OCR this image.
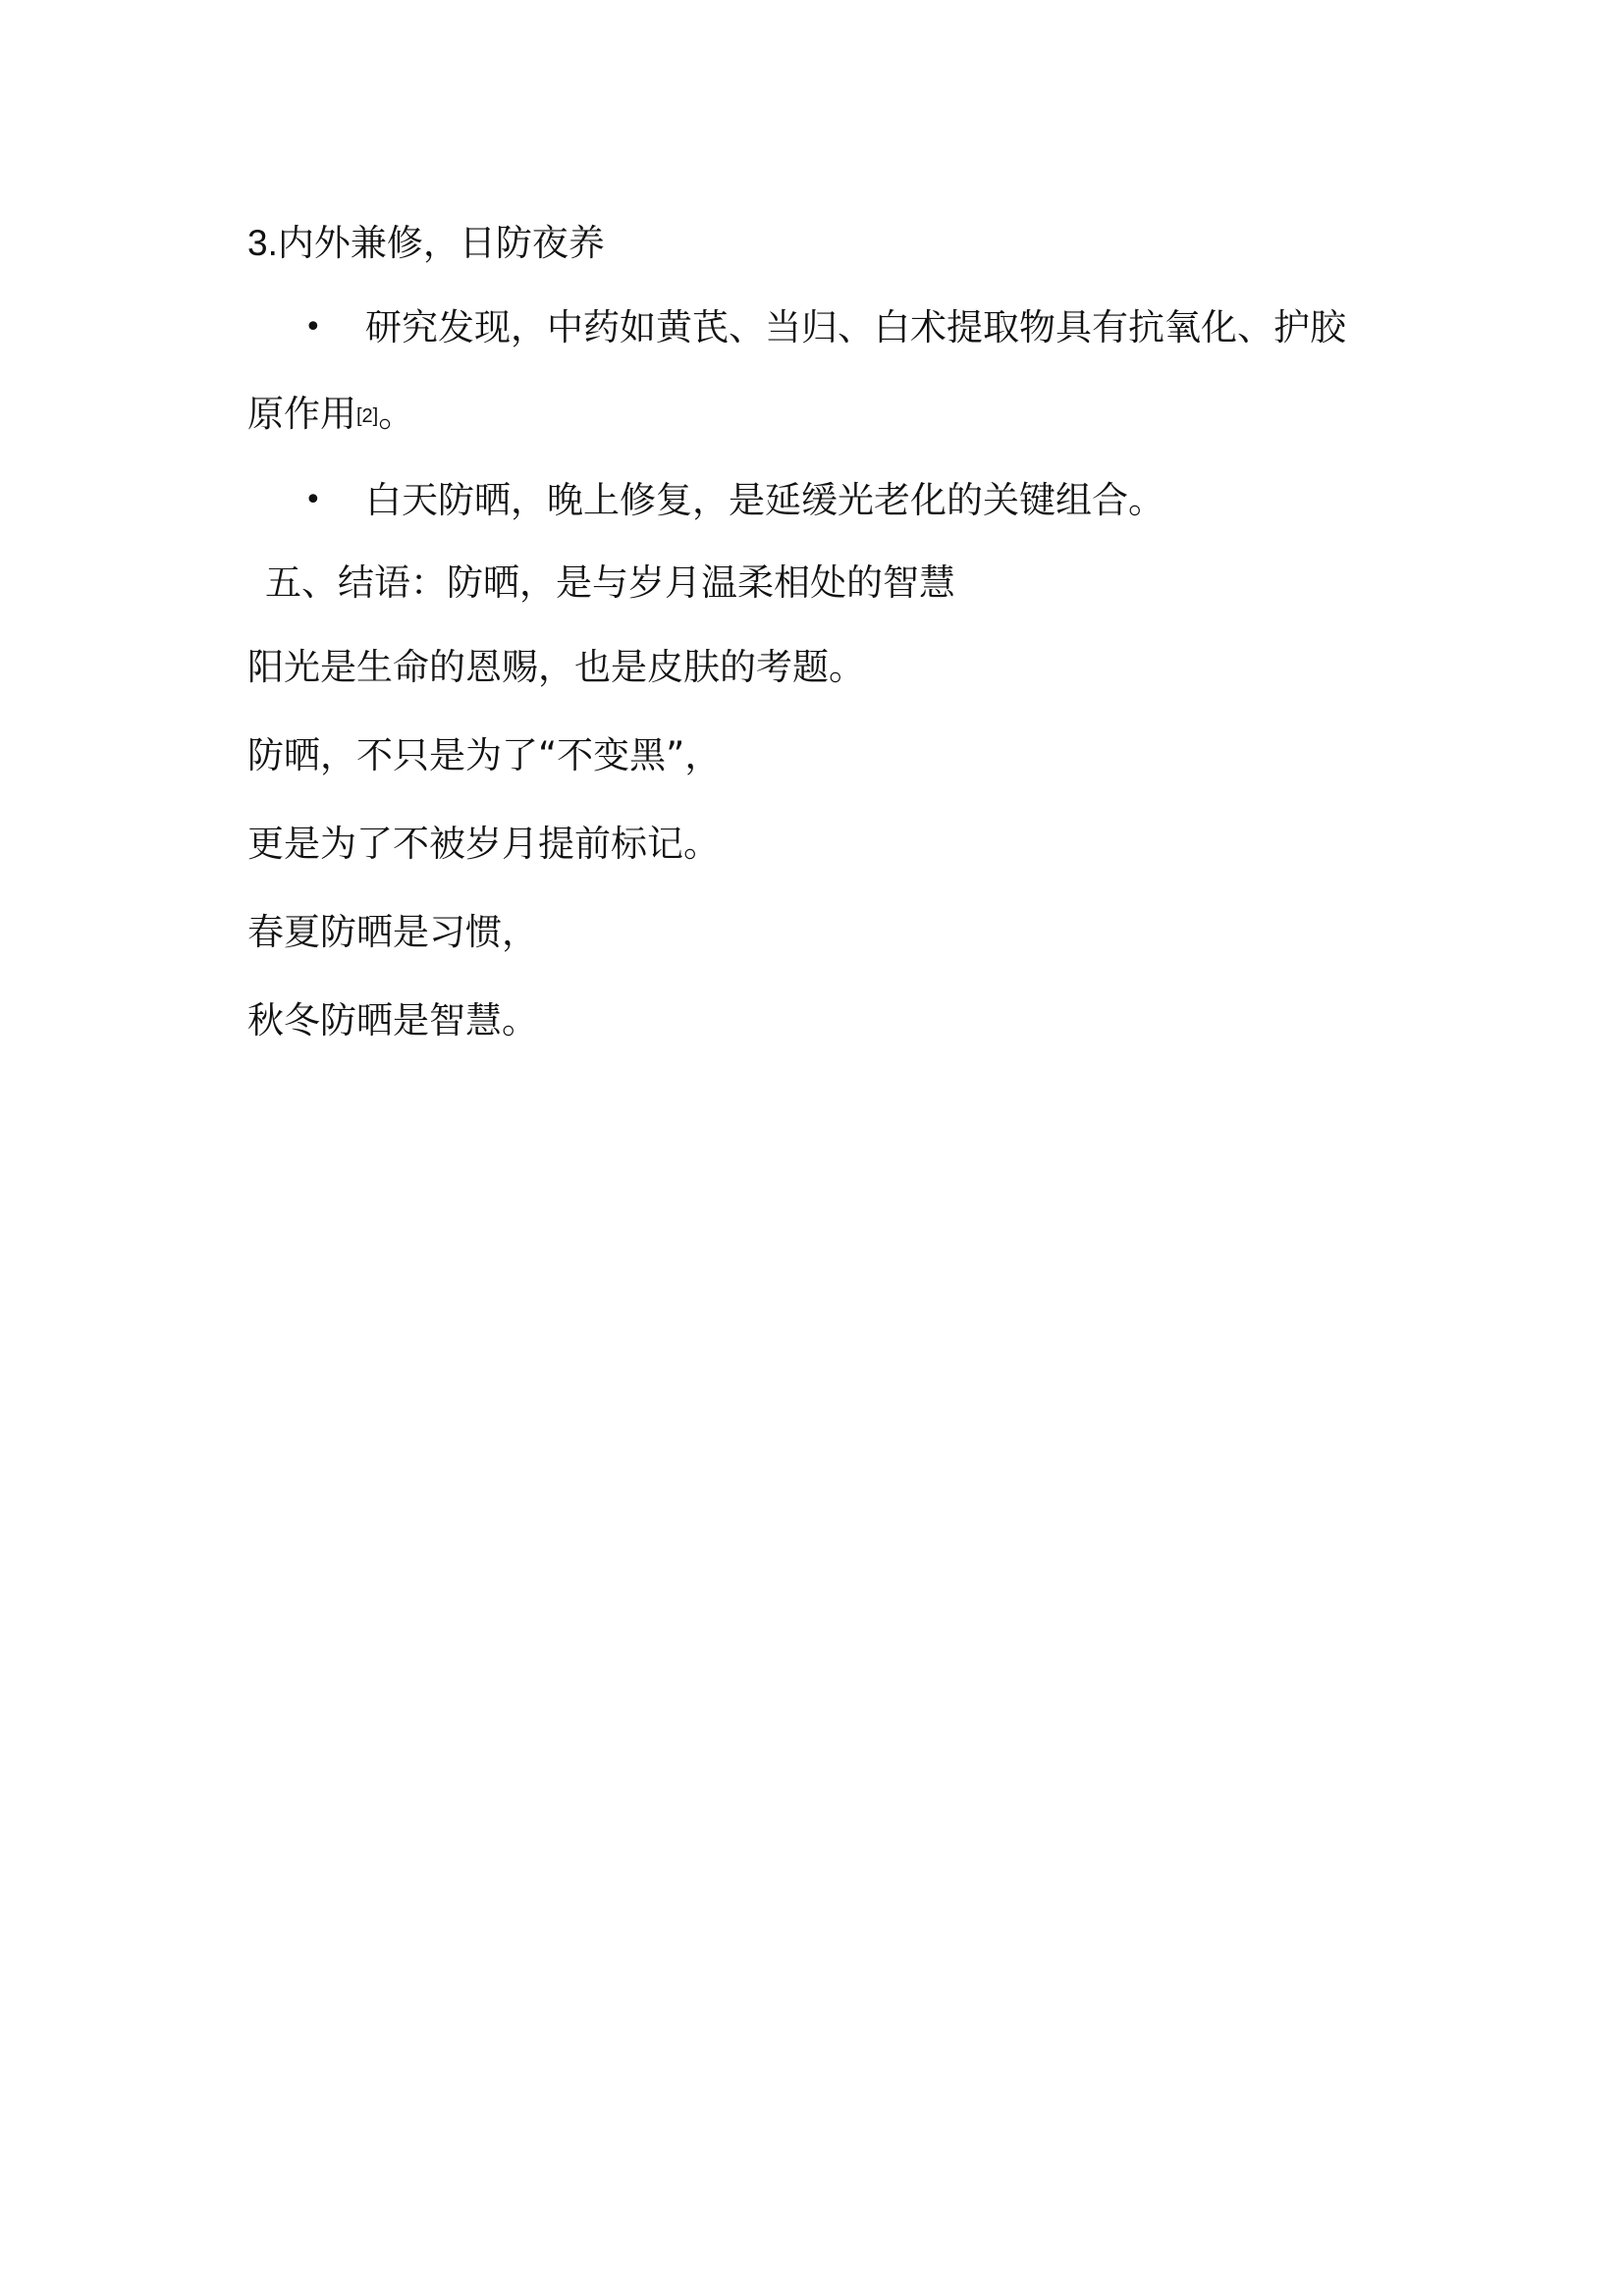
3.内外兼修，日防夜养
• 研究发现，中药如黄芪、当归、白术提取物具有抗氧化、护胶
原作用[2]。
• 白天防晒，晚上修复，是延缓光老化的关键组合。
五、结语：防晒，是与岁月温柔相处的智慧
阳光是生命的恩赐，也是皮肤的考题。
防晒，不只是为了“不变黑”，
更是为了不被岁月提前标记。
春夏防晒是习惯，
秋冬防晒是智慧。
